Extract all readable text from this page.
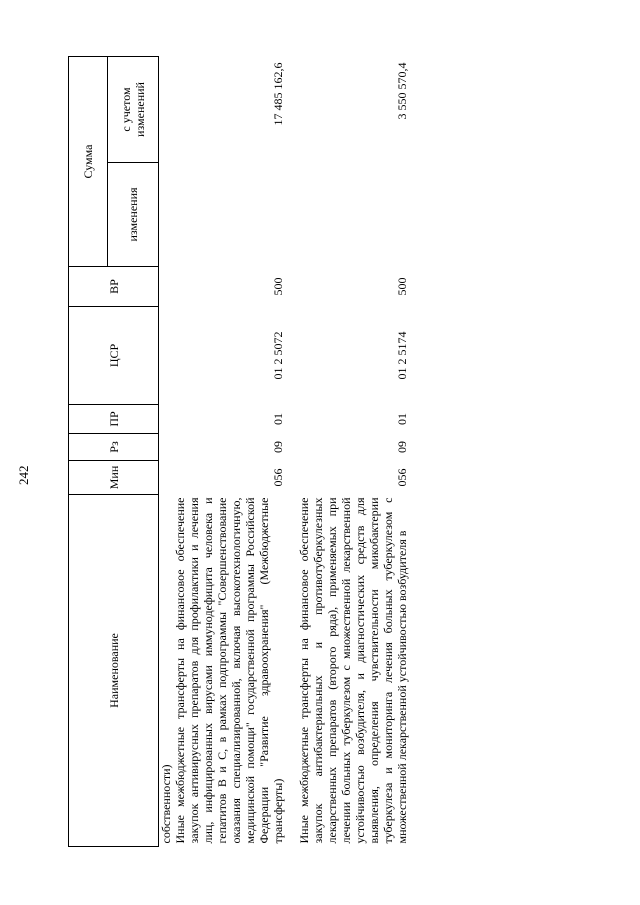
242
Наименование	Мин	Рз	ПР	ЦСР	ВР	Сумма	
						изменения	с учетом изменений
собственности)							
Иные межбюджетные трансферты на финансовое обеспечение закупок антивирусных препаратов для профилактики и лечения лиц, инфицированных вирусами иммунодефицита человека и гепатитов В и С, в рамках подпрограммы "Совершенствование оказания специализированной, включая высокотехнологичную, медицинской помощи" государственной программы Российской Федерации "Развитие здравоохранения" (Межбюджетные трансферты)	056	09	01	01 2 5072	500		17 485 162,6

Иные межбюджетные трансферты на финансовое обеспечение закупок антибактериальных и противотуберкулезных лекарственных препаратов (второго ряда), применяемых при лечении больных туберкулезом с множественной лекарственной устойчивостью возбудителя, и диагностических средств для выявления, определения чувствительности микобактерии туберкулеза и мониторинга лечения больных туберкулезом с множественной лекарственной устойчивостью возбудителя в	056	09	01	01 2 5174	500		3 550 570,4
